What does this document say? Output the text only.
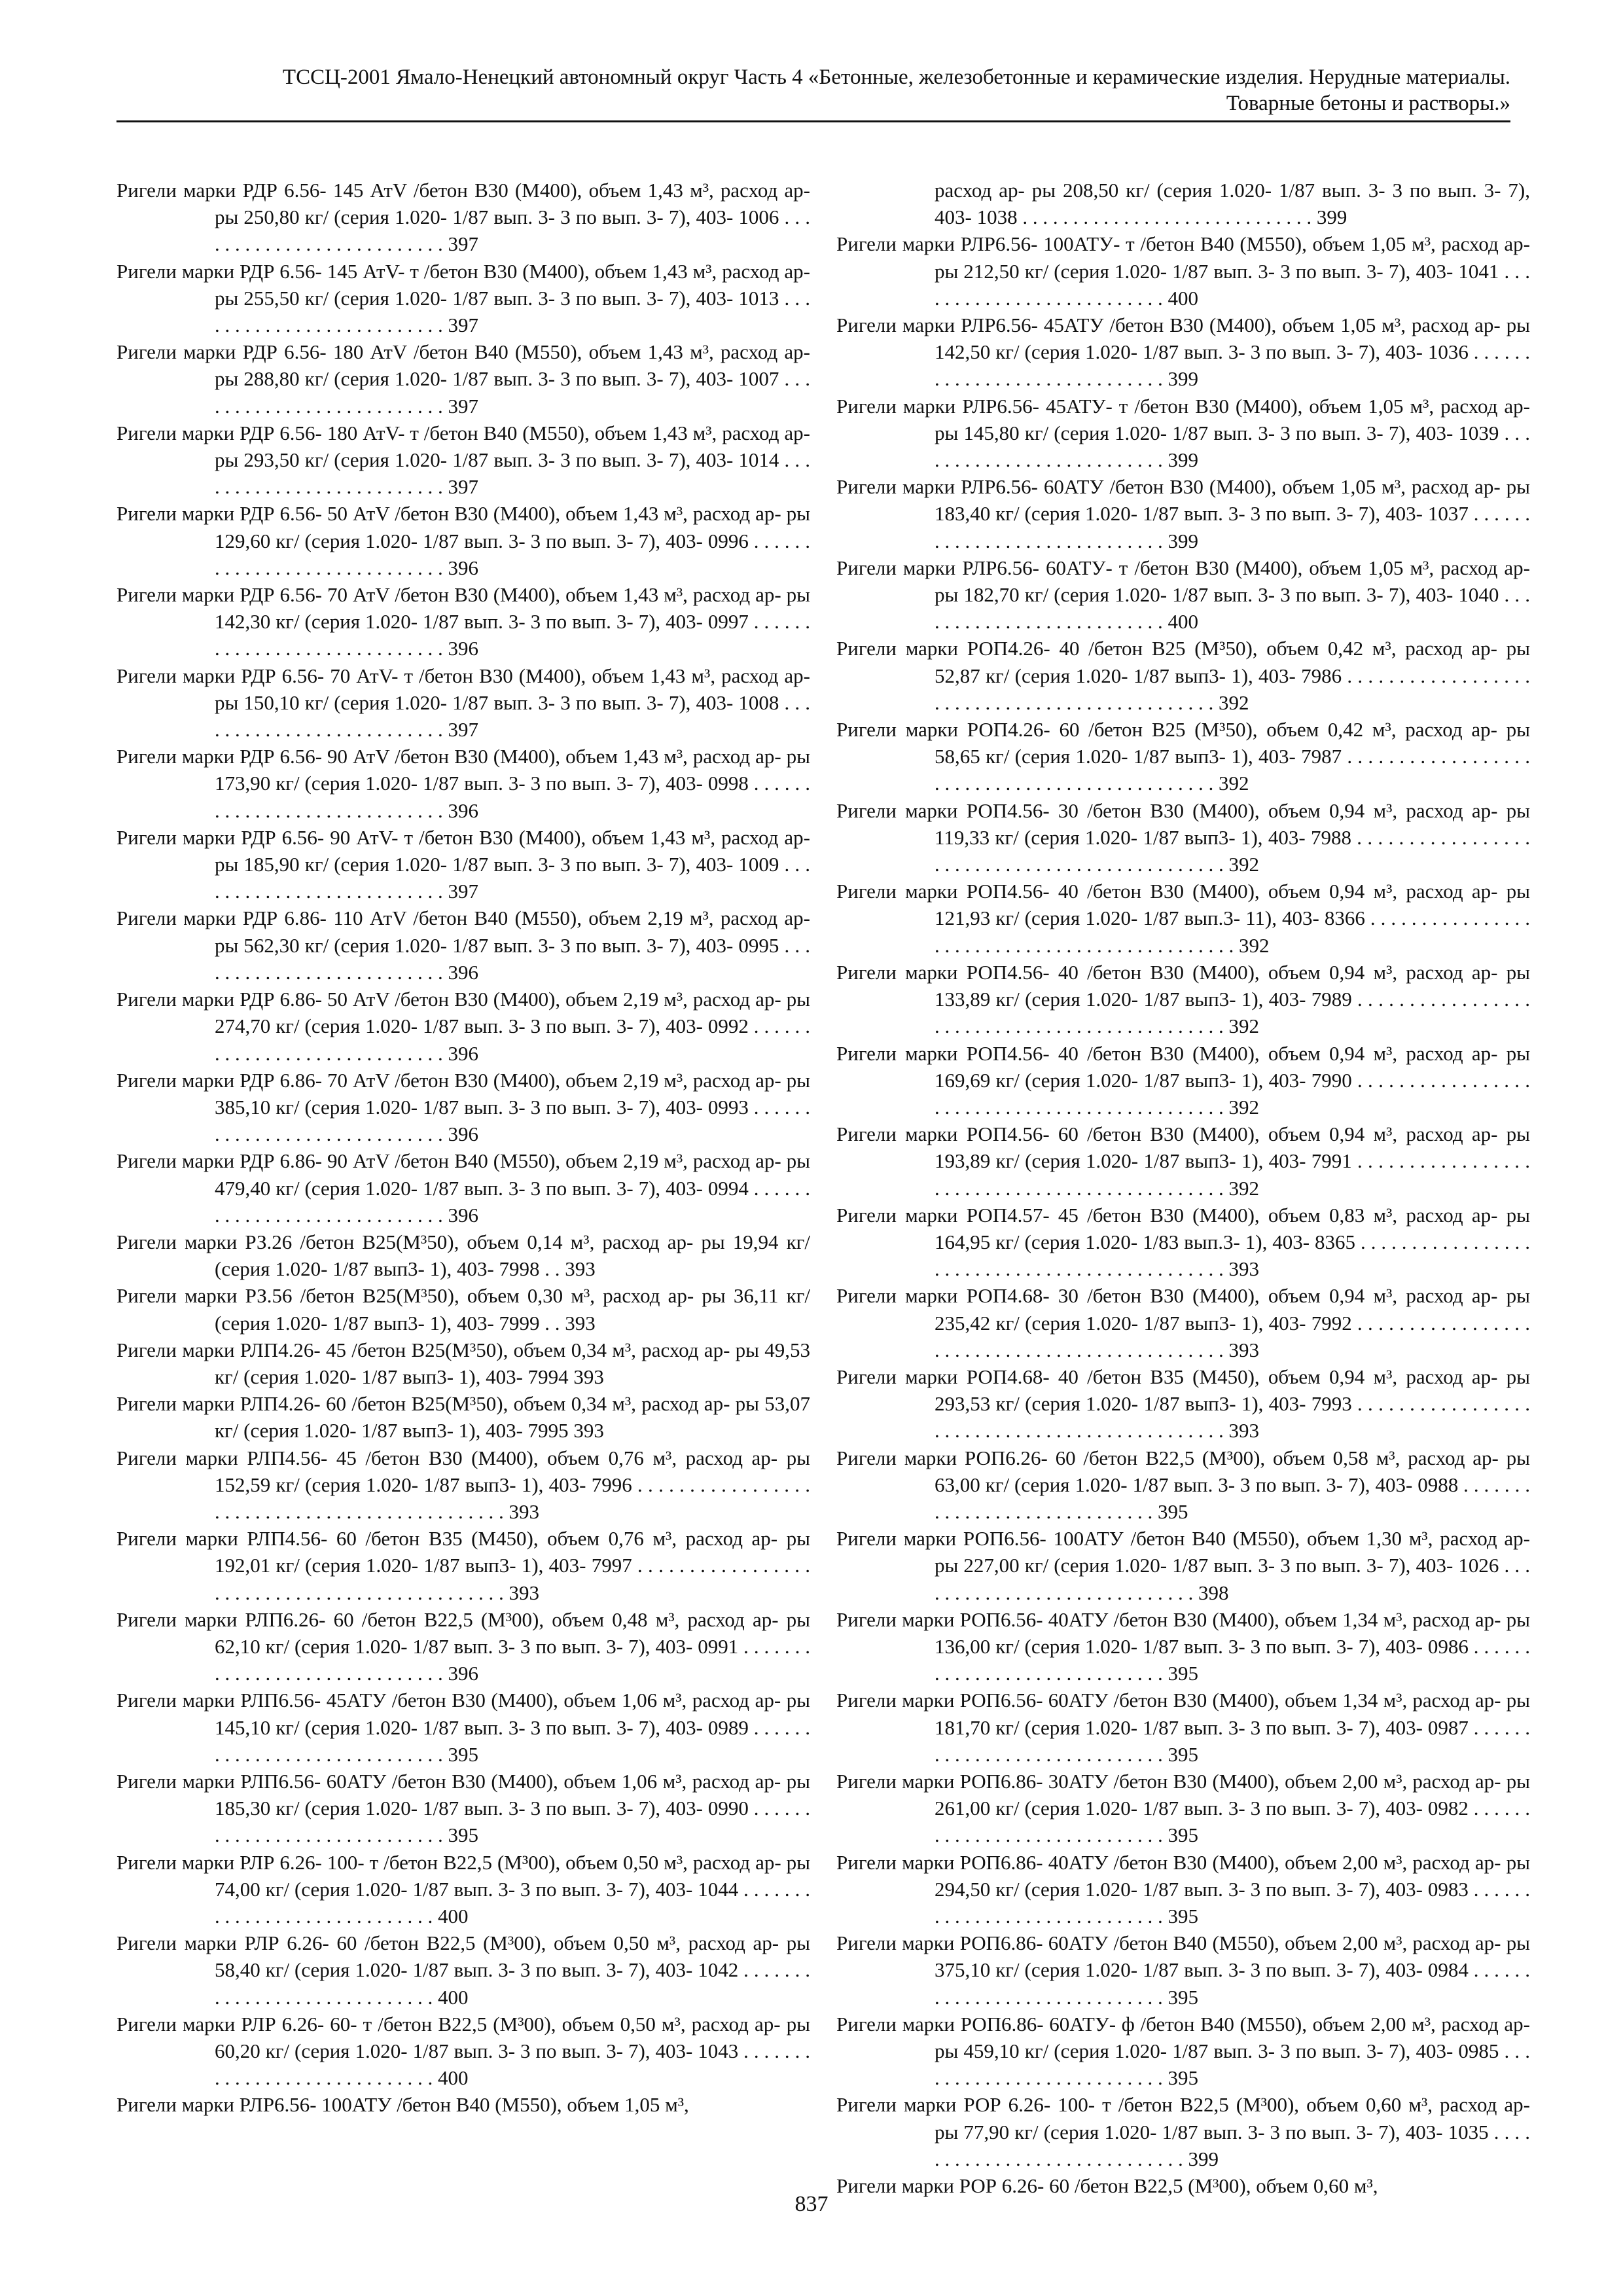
ТССЦ-2001 Ямало-Ненецкий автономный округ Часть 4 «Бетонные, железобетонные и керамические изделия. Нерудные материалы.
Товарные бетоны и растворы.»

Ригели марки РДР 6.56- 145 АтV /бетон В30 (М400), объем 1,43 м³, расход ар- ры 250,80 кг/ (серия 1.020- 1/87 вып. 3- 3 по вып. 3- 7), 403- 1006 . . . . . . . . . . . . . . . . . . . . . . . . . . 397

Ригели марки РДР 6.56- 145 АтV- т /бетон В30 (М400), объем 1,43 м³, расход ар- ры 255,50 кг/ (серия 1.020- 1/87 вып. 3- 3 по вып. 3- 7), 403- 1013 . . . . . . . . . . . . . . . . . . . . . . . . . . 397

Ригели марки РДР 6.56- 180 АтV /бетон В40 (М550), объем 1,43 м³, расход ар- ры 288,80 кг/ (серия 1.020- 1/87 вып. 3- 3 по вып. 3- 7), 403- 1007 . . . . . . . . . . . . . . . . . . . . . . . . . . 397

Ригели марки РДР 6.56- 180 АтV- т /бетон В40 (М550), объем 1,43 м³, расход ар- ры 293,50 кг/ (серия 1.020- 1/87 вып. 3- 3 по вып. 3- 7), 403- 1014 . . . . . . . . . . . . . . . . . . . . . . . . . . 397

Ригели марки РДР 6.56- 50 АтV /бетон В30 (М400), объем 1,43 м³, расход ар- ры 129,60 кг/ (серия 1.020- 1/87 вып. 3- 3 по вып. 3- 7), 403- 0996 . . . . . . . . . . . . . . . . . . . . . . . . . . . . . 396

Ригели марки РДР 6.56- 70 АтV /бетон В30 (М400), объем 1,43 м³, расход ар- ры 142,30 кг/ (серия 1.020- 1/87 вып. 3- 3 по вып. 3- 7), 403- 0997 . . . . . . . . . . . . . . . . . . . . . . . . . . . . . 396

Ригели марки РДР 6.56- 70 АтV- т /бетон В30 (М400), объем 1,43 м³, расход ар- ры 150,10 кг/ (серия 1.020- 1/87 вып. 3- 3 по вып. 3- 7), 403- 1008 . . . . . . . . . . . . . . . . . . . . . . . . . . 397

Ригели марки РДР 6.56- 90 АтV /бетон В30 (М400), объем 1,43 м³, расход ар- ры 173,90 кг/ (серия 1.020- 1/87 вып. 3- 3 по вып. 3- 7), 403- 0998 . . . . . . . . . . . . . . . . . . . . . . . . . . . . . 396

Ригели марки РДР 6.56- 90 АтV- т /бетон В30 (М400), объем 1,43 м³, расход ар- ры 185,90 кг/ (серия 1.020- 1/87 вып. 3- 3 по вып. 3- 7), 403- 1009 . . . . . . . . . . . . . . . . . . . . . . . . . . 397

Ригели марки РДР 6.86- 110 АтV /бетон В40 (М550), объем 2,19 м³, расход ар- ры 562,30 кг/ (серия 1.020- 1/87 вып. 3- 3 по вып. 3- 7), 403- 0995 . . . . . . . . . . . . . . . . . . . . . . . . . . 396

Ригели марки РДР 6.86- 50 АтV /бетон В30 (М400), объем 2,19 м³, расход ар- ры 274,70 кг/ (серия 1.020- 1/87 вып. 3- 3 по вып. 3- 7), 403- 0992 . . . . . . . . . . . . . . . . . . . . . . . . . . . . . 396

Ригели марки РДР 6.86- 70 АтV /бетон В30 (М400), объем 2,19 м³, расход ар- ры 385,10 кг/ (серия 1.020- 1/87 вып. 3- 3 по вып. 3- 7), 403- 0993 . . . . . . . . . . . . . . . . . . . . . . . . . . . . . 396

Ригели марки РДР 6.86- 90 АтV /бетон В40 (М550), объем 2,19 м³, расход ар- ры 479,40 кг/ (серия 1.020- 1/87 вып. 3- 3 по вып. 3- 7), 403- 0994 . . . . . . . . . . . . . . . . . . . . . . . . . . . . . 396

Ригели марки РЗ.26 /бетон В25(М³50), объем 0,14 м³, расход ар- ры 19,94 кг/ (серия 1.020- 1/87 вып3- 1), 403- 7998 . . 393

Ригели марки РЗ.56 /бетон В25(М³50), объем 0,30 м³, расход ар- ры 36,11 кг/ (серия 1.020- 1/87 вып3- 1), 403- 7999 . . 393

Ригели марки РЛП4.26- 45 /бетон В25(М³50), объем 0,34 м³, расход ар- ры 49,53 кг/ (серия 1.020- 1/87 вып3- 1), 403- 7994 393

Ригели марки РЛП4.26- 60 /бетон В25(М³50), объем 0,34 м³, расход ар- ры 53,07 кг/ (серия 1.020- 1/87 вып3- 1), 403- 7995 393

Ригели марки РЛП4.56- 45 /бетон В30 (М400), объем 0,76 м³, расход ар- ры 152,59 кг/ (серия 1.020- 1/87 вып3- 1), 403- 7996 . . . . . . . . . . . . . . . . . . . . . . . . . . . . . . . . . . . . . . . . . . . . . . 393

Ригели марки РЛП4.56- 60 /бетон В35 (М450), объем 0,76 м³, расход ар- ры 192,01 кг/ (серия 1.020- 1/87 вып3- 1), 403- 7997 . . . . . . . . . . . . . . . . . . . . . . . . . . . . . . . . . . . . . . . . . . . . . . 393

Ригели марки РЛП6.26- 60 /бетон В22,5 (М³00), объем 0,48 м³, расход ар- ры 62,10 кг/ (серия 1.020- 1/87 вып. 3- 3 по вып. 3- 7), 403- 0991 . . . . . . . . . . . . . . . . . . . . . . . . . . . . . . 396

Ригели марки РЛП6.56- 45АТУ /бетон В30 (М400), объем 1,06 м³, расход ар- ры 145,10 кг/ (серия 1.020- 1/87 вып. 3- 3 по вып. 3- 7), 403- 0989 . . . . . . . . . . . . . . . . . . . . . . . . . . . . . 395

Ригели марки РЛП6.56- 60АТУ /бетон В30 (М400), объем 1,06 м³, расход ар- ры 185,30 кг/ (серия 1.020- 1/87 вып. 3- 3 по вып. 3- 7), 403- 0990 . . . . . . . . . . . . . . . . . . . . . . . . . . . . . 395

Ригели марки РЛР 6.26- 100- т /бетон В22,5 (М³00), объем 0,50 м³, расход ар- ры 74,00 кг/ (серия 1.020- 1/87 вып. 3- 3 по вып. 3- 7), 403- 1044 . . . . . . . . . . . . . . . . . . . . . . . . . . . . . 400

Ригели марки РЛР 6.26- 60 /бетон В22,5 (М³00), объем 0,50 м³, расход ар- ры 58,40 кг/ (серия 1.020- 1/87 вып. 3- 3 по вып. 3- 7), 403- 1042 . . . . . . . . . . . . . . . . . . . . . . . . . . . . . 400

Ригели марки РЛР 6.26- 60- т /бетон В22,5 (М³00), объем 0,50 м³, расход ар- ры 60,20 кг/ (серия 1.020- 1/87 вып. 3- 3 по вып. 3- 7), 403- 1043 . . . . . . . . . . . . . . . . . . . . . . . . . . . . . 400

Ригели марки РЛР6.56- 100АТУ /бетон В40 (М550), объем 1,05 м³,

расход ар- ры 208,50 кг/ (серия 1.020- 1/87 вып. 3- 3 по вып. 3- 7), 403- 1038 . . . . . . . . . . . . . . . . . . . . . . . . . . . . . 399

Ригели марки РЛР6.56- 100АТУ- т /бетон В40 (М550), объем 1,05 м³, расход ар- ры 212,50 кг/ (серия 1.020- 1/87 вып. 3- 3 по вып. 3- 7), 403- 1041 . . . . . . . . . . . . . . . . . . . . . . . . . . 400

Ригели марки РЛР6.56- 45АТУ /бетон В30 (М400), объем 1,05 м³, расход ар- ры 142,50 кг/ (серия 1.020- 1/87 вып. 3- 3 по вып. 3- 7), 403- 1036 . . . . . . . . . . . . . . . . . . . . . . . . . . . . . 399

Ригели марки РЛР6.56- 45АТУ- т /бетон В30 (М400), объем 1,05 м³, расход ар- ры 145,80 кг/ (серия 1.020- 1/87 вып. 3- 3 по вып. 3- 7), 403- 1039 . . . . . . . . . . . . . . . . . . . . . . . . . . 399

Ригели марки РЛР6.56- 60АТУ /бетон В30 (М400), объем 1,05 м³, расход ар- ры 183,40 кг/ (серия 1.020- 1/87 вып. 3- 3 по вып. 3- 7), 403- 1037 . . . . . . . . . . . . . . . . . . . . . . . . . . . . . 399

Ригели марки РЛР6.56- 60АТУ- т /бетон В30 (М400), объем 1,05 м³, расход ар- ры 182,70 кг/ (серия 1.020- 1/87 вып. 3- 3 по вып. 3- 7), 403- 1040 . . . . . . . . . . . . . . . . . . . . . . . . . . 400

Ригели марки РОП4.26- 40 /бетон В25 (М³50), объем 0,42 м³, расход ар- ры 52,87 кг/ (серия 1.020- 1/87 вып3- 1), 403- 7986 . . . . . . . . . . . . . . . . . . . . . . . . . . . . . . . . . . . . . . . . . . . . . . 392

Ригели марки РОП4.26- 60 /бетон В25 (М³50), объем 0,42 м³, расход ар- ры 58,65 кг/ (серия 1.020- 1/87 вып3- 1), 403- 7987 . . . . . . . . . . . . . . . . . . . . . . . . . . . . . . . . . . . . . . . . . . . . . . 392

Ригели марки РОП4.56- 30 /бетон В30 (М400), объем 0,94 м³, расход ар- ры 119,33 кг/ (серия 1.020- 1/87 вып3- 1), 403- 7988 . . . . . . . . . . . . . . . . . . . . . . . . . . . . . . . . . . . . . . . . . . . . . . 392

Ригели марки РОП4.56- 40 /бетон В30 (М400), объем 0,94 м³, расход ар- ры 121,93 кг/ (серия 1.020- 1/87 вып.3- 11), 403- 8366 . . . . . . . . . . . . . . . . . . . . . . . . . . . . . . . . . . . . . . . . . . . . . . 392

Ригели марки РОП4.56- 40 /бетон В30 (М400), объем 0,94 м³, расход ар- ры 133,89 кг/ (серия 1.020- 1/87 вып3- 1), 403- 7989 . . . . . . . . . . . . . . . . . . . . . . . . . . . . . . . . . . . . . . . . . . . . . . 392

Ригели марки РОП4.56- 40 /бетон В30 (М400), объем 0,94 м³, расход ар- ры 169,69 кг/ (серия 1.020- 1/87 вып3- 1), 403- 7990 . . . . . . . . . . . . . . . . . . . . . . . . . . . . . . . . . . . . . . . . . . . . . . 392

Ригели марки РОП4.56- 60 /бетон В30 (М400), объем 0,94 м³, расход ар- ры 193,89 кг/ (серия 1.020- 1/87 вып3- 1), 403- 7991 . . . . . . . . . . . . . . . . . . . . . . . . . . . . . . . . . . . . . . . . . . . . . . 392

Ригели марки РОП4.57- 45 /бетон В30 (М400), объем 0,83 м³, расход ар- ры 164,95 кг/ (серия 1.020- 1/83 вып.3- 1), 403- 8365 . . . . . . . . . . . . . . . . . . . . . . . . . . . . . . . . . . . . . . . . . . . . . . 393

Ригели марки РОП4.68- 30 /бетон В30 (М400), объем 0,94 м³, расход ар- ры 235,42 кг/ (серия 1.020- 1/87 вып3- 1), 403- 7992 . . . . . . . . . . . . . . . . . . . . . . . . . . . . . . . . . . . . . . . . . . . . . . 393

Ригели марки РОП4.68- 40 /бетон В35 (М450), объем 0,94 м³, расход ар- ры 293,53 кг/ (серия 1.020- 1/87 вып3- 1), 403- 7993 . . . . . . . . . . . . . . . . . . . . . . . . . . . . . . . . . . . . . . . . . . . . . . 393

Ригели марки РОП6.26- 60 /бетон В22,5 (М³00), объем 0,58 м³, расход ар- ры 63,00 кг/ (серия 1.020- 1/87 вып. 3- 3 по вып. 3- 7), 403- 0988 . . . . . . . . . . . . . . . . . . . . . . . . . . . . . 395

Ригели марки РОП6.56- 100АТУ /бетон В40 (М550), объем 1,30 м³, расход ар- ры 227,00 кг/ (серия 1.020- 1/87 вып. 3- 3 по вып. 3- 7), 403- 1026 . . . . . . . . . . . . . . . . . . . . . . . . . . . . . 398

Ригели марки РОП6.56- 40АТУ /бетон В30 (М400), объем 1,34 м³, расход ар- ры 136,00 кг/ (серия 1.020- 1/87 вып. 3- 3 по вып. 3- 7), 403- 0986 . . . . . . . . . . . . . . . . . . . . . . . . . . . . . 395

Ригели марки РОП6.56- 60АТУ /бетон В30 (М400), объем 1,34 м³, расход ар- ры 181,70 кг/ (серия 1.020- 1/87 вып. 3- 3 по вып. 3- 7), 403- 0987 . . . . . . . . . . . . . . . . . . . . . . . . . . . . . 395

Ригели марки РОП6.86- 30АТУ /бетон В30 (М400), объем 2,00 м³, расход ар- ры 261,00 кг/ (серия 1.020- 1/87 вып. 3- 3 по вып. 3- 7), 403- 0982 . . . . . . . . . . . . . . . . . . . . . . . . . . . . . 395

Ригели марки РОП6.86- 40АТУ /бетон В30 (М400), объем 2,00 м³, расход ар- ры 294,50 кг/ (серия 1.020- 1/87 вып. 3- 3 по вып. 3- 7), 403- 0983 . . . . . . . . . . . . . . . . . . . . . . . . . . . . . 395

Ригели марки РОП6.86- 60АТУ /бетон В40 (М550), объем 2,00 м³, расход ар- ры 375,10 кг/ (серия 1.020- 1/87 вып. 3- 3 по вып. 3- 7), 403- 0984 . . . . . . . . . . . . . . . . . . . . . . . . . . . . . 395

Ригели марки РОП6.86- 60АТУ- ф /бетон В40 (М550), объем 2,00 м³, расход ар- ры 459,10 кг/ (серия 1.020- 1/87 вып. 3- 3 по вып. 3- 7), 403- 0985 . . . . . . . . . . . . . . . . . . . . . . . . . . 395

Ригели марки РОР 6.26- 100- т /бетон В22,5 (М³00), объем 0,60 м³, расход ар- ры 77,90 кг/ (серия 1.020- 1/87 вып. 3- 3 по вып. 3- 7), 403- 1035 . . . . . . . . . . . . . . . . . . . . . . . . . . . . . 399

Ригели марки РОР 6.26- 60 /бетон В22,5 (М³00), объем 0,60 м³,

837
